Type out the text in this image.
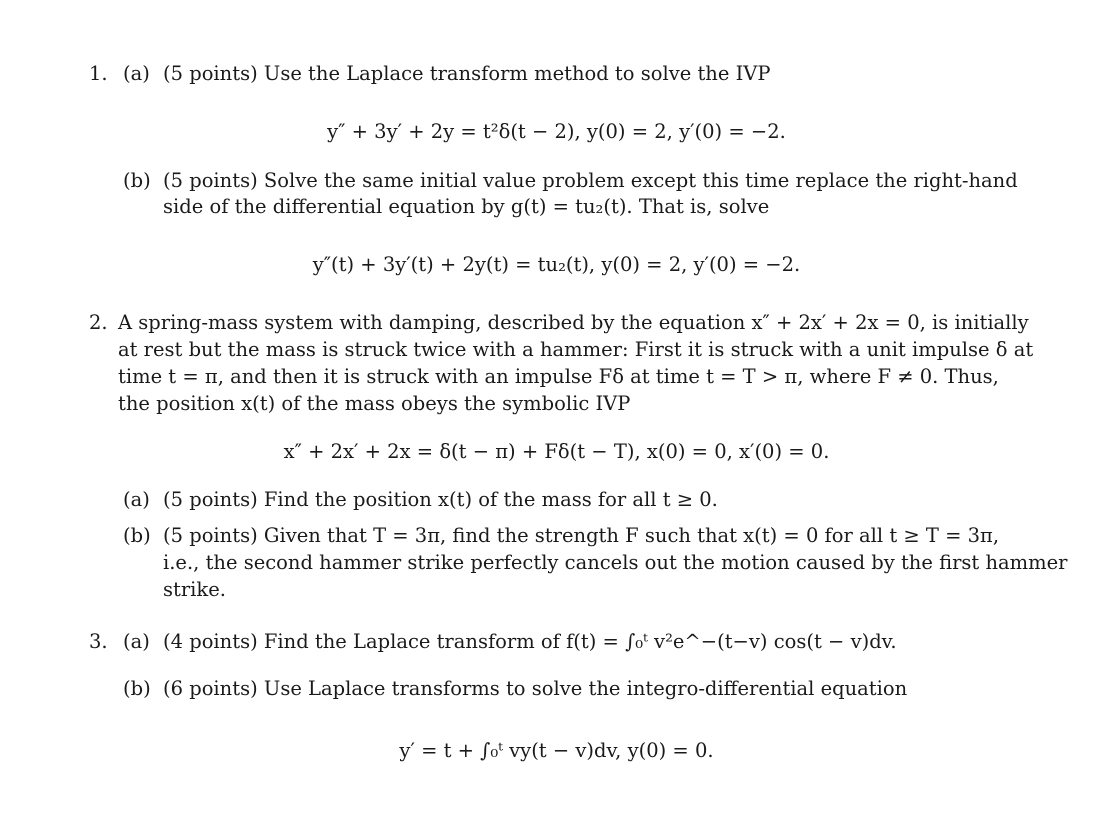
1. (a) (5 points) Use the Laplace transform method to solve the IVP
y″ + 3y′ + 2y = t²δ(t − 2), y(0) = 2, y′(0) = −2.
(b) (5 points) Solve the same initial value problem except this time replace the right-hand
side of the differential equation by g(t) = tu₂(t). That is, solve
y″(t) + 3y′(t) + 2y(t) = tu₂(t), y(0) = 2, y′(0) = −2.
2. A spring-mass system with damping, described by the equation x″ + 2x′ + 2x = 0, is initially
at rest but the mass is struck twice with a hammer: First it is struck with a unit impulse δ at
time t = π, and then it is struck with an impulse Fδ at time t = T > π, where F ≠ 0. Thus,
the position x(t) of the mass obeys the symbolic IVP
x″ + 2x′ + 2x = δ(t − π) + Fδ(t − T), x(0) = 0, x′(0) = 0.
(a) (5 points) Find the position x(t) of the mass for all t ≥ 0.
(b) (5 points) Given that T = 3π, find the strength F such that x(t) = 0 for all t ≥ T = 3π,
i.e., the second hammer strike perfectly cancels out the motion caused by the first hammer
strike.
3. (a) (4 points) Find the Laplace transform of f(t) = ∫₀ᵗ v²e^−(t−v) cos(t − v)dv.
(b) (6 points) Use Laplace transforms to solve the integro-differential equation
y′ = t + ∫₀ᵗ vy(t − v)dv, y(0) = 0.
